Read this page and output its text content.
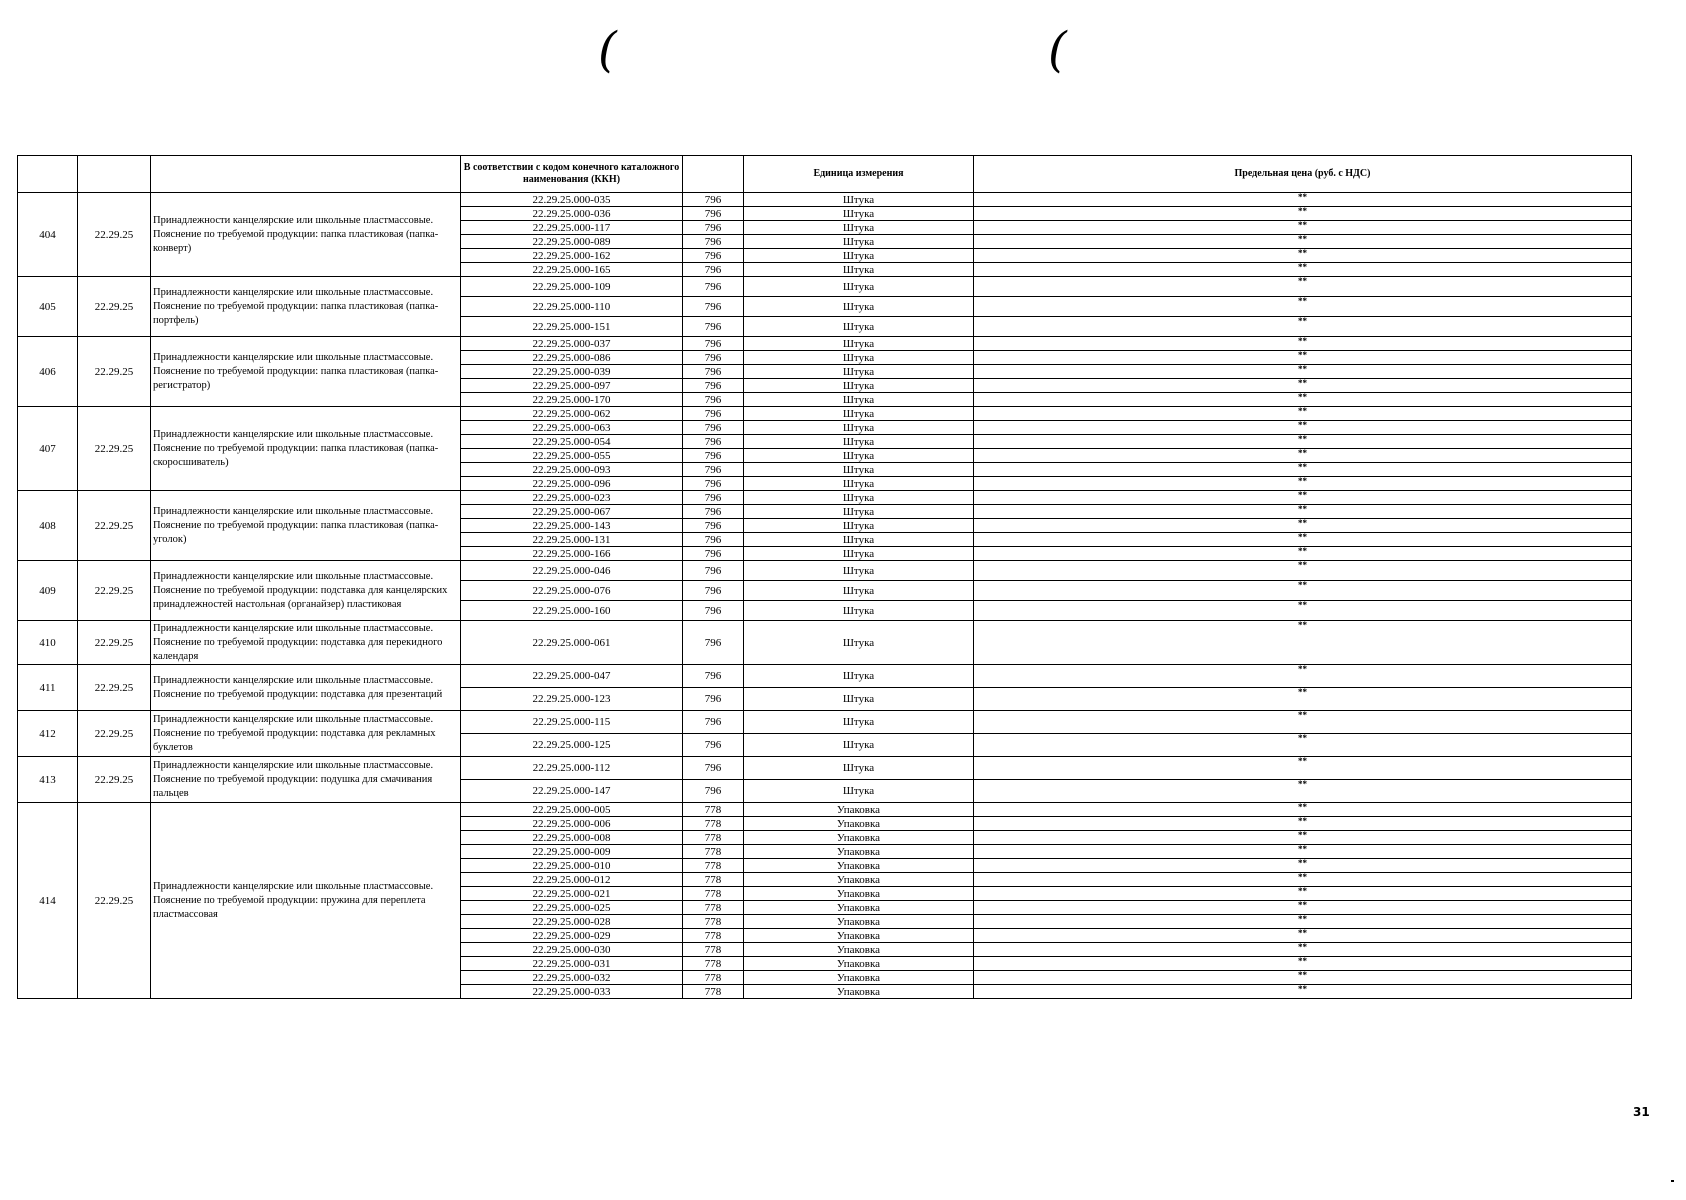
(	(
			В соответствии с кодом конечного каталожного наименования (ККН)		Единица измерения	Предельная цена (руб. с НДС)
404	22.29.25	Принадлежности канцелярские или школьные пластмассовые. Пояснение по требуемой продукции: папка пластиковая (папка-конверт)	22.29.25.000-035	796	Штука	**
			22.29.25.000-036	796	Штука	**
			22.29.25.000-117	796	Штука	**
			22.29.25.000-089	796	Штука	**
			22.29.25.000-162	796	Штука	**
			22.29.25.000-165	796	Штука	**
405	22.29.25	Принадлежности канцелярские или школьные пластмассовые. Пояснение по требуемой продукции: папка пластиковая (папка-портфель)	22.29.25.000-109	796	Штука	**
			22.29.25.000-110	796	Штука	**
			22.29.25.000-151	796	Штука	**
406	22.29.25	Принадлежности канцелярские или школьные пластмассовые. Пояснение по требуемой продукции: папка пластиковая (папка-регистратор)	22.29.25.000-037	796	Штука	**
			22.29.25.000-086	796	Штука	**
			22.29.25.000-039	796	Штука	**
			22.29.25.000-097	796	Штука	**
			22.29.25.000-170	796	Штука	**
407	22.29.25	Принадлежности канцелярские или школьные пластмассовые. Пояснение по требуемой продукции: папка пластиковая (папка-скоросшиватель)	22.29.25.000-062	796	Штука	**
			22.29.25.000-063	796	Штука	**
			22.29.25.000-054	796	Штука	**
			22.29.25.000-055	796	Штука	**
			22.29.25.000-093	796	Штука	**
			22.29.25.000-096	796	Штука	**
408	22.29.25	Принадлежности канцелярские или школьные пластмассовые. Пояснение по требуемой продукции: папка пластиковая (папка-уголок)	22.29.25.000-023	796	Штука	**
			22.29.25.000-067	796	Штука	**
			22.29.25.000-143	796	Штука	**
			22.29.25.000-131	796	Штука	**
			22.29.25.000-166	796	Штука	**
409	22.29.25	Принадлежности канцелярские или школьные пластмассовые. Пояснение по требуемой продукции: подставка для канцелярских принадлежностей настольная (органайзер) пластиковая	22.29.25.000-046	796	Штука	**
			22.29.25.000-076	796	Штука	**
			22.29.25.000-160	796	Штука	**
410	22.29.25	Принадлежности канцелярские или школьные пластмассовые. Пояснение по требуемой продукции: подставка для перекидного календаря	22.29.25.000-061	796	Штука	**
411	22.29.25	Принадлежности канцелярские или школьные пластмассовые. Пояснение по требуемой продукции: подставка для презентаций	22.29.25.000-047	796	Штука	**
			22.29.25.000-123	796	Штука	**
412	22.29.25	Принадлежности канцелярские или школьные пластмассовые. Пояснение по требуемой продукции: подставка для рекламных буклетов	22.29.25.000-115	796	Штука	**
			22.29.25.000-125	796	Штука	**
413	22.29.25	Принадлежности канцелярские или школьные пластмассовые. Пояснение по требуемой продукции: подушка для смачивания пальцев	22.29.25.000-112	796	Штука	**
			22.29.25.000-147	796	Штука	**
414	22.29.25	Принадлежности канцелярские или школьные пластмассовые. Пояснение по требуемой продукции: пружина для переплета пластмассовая	22.29.25.000-005	778	Упаковка	**
			22.29.25.000-006	778	Упаковка	**
			22.29.25.000-008	778	Упаковка	**
			22.29.25.000-009	778	Упаковка	**
			22.29.25.000-010	778	Упаковка	**
			22.29.25.000-012	778	Упаковка	**
			22.29.25.000-021	778	Упаковка	**
			22.29.25.000-025	778	Упаковка	**
			22.29.25.000-028	778	Упаковка	**
			22.29.25.000-029	778	Упаковка	**
			22.29.25.000-030	778	Упаковка	**
			22.29.25.000-031	778	Упаковка	**
			22.29.25.000-032	778	Упаковка	**
			22.29.25.000-033	778	Упаковка	**
31
